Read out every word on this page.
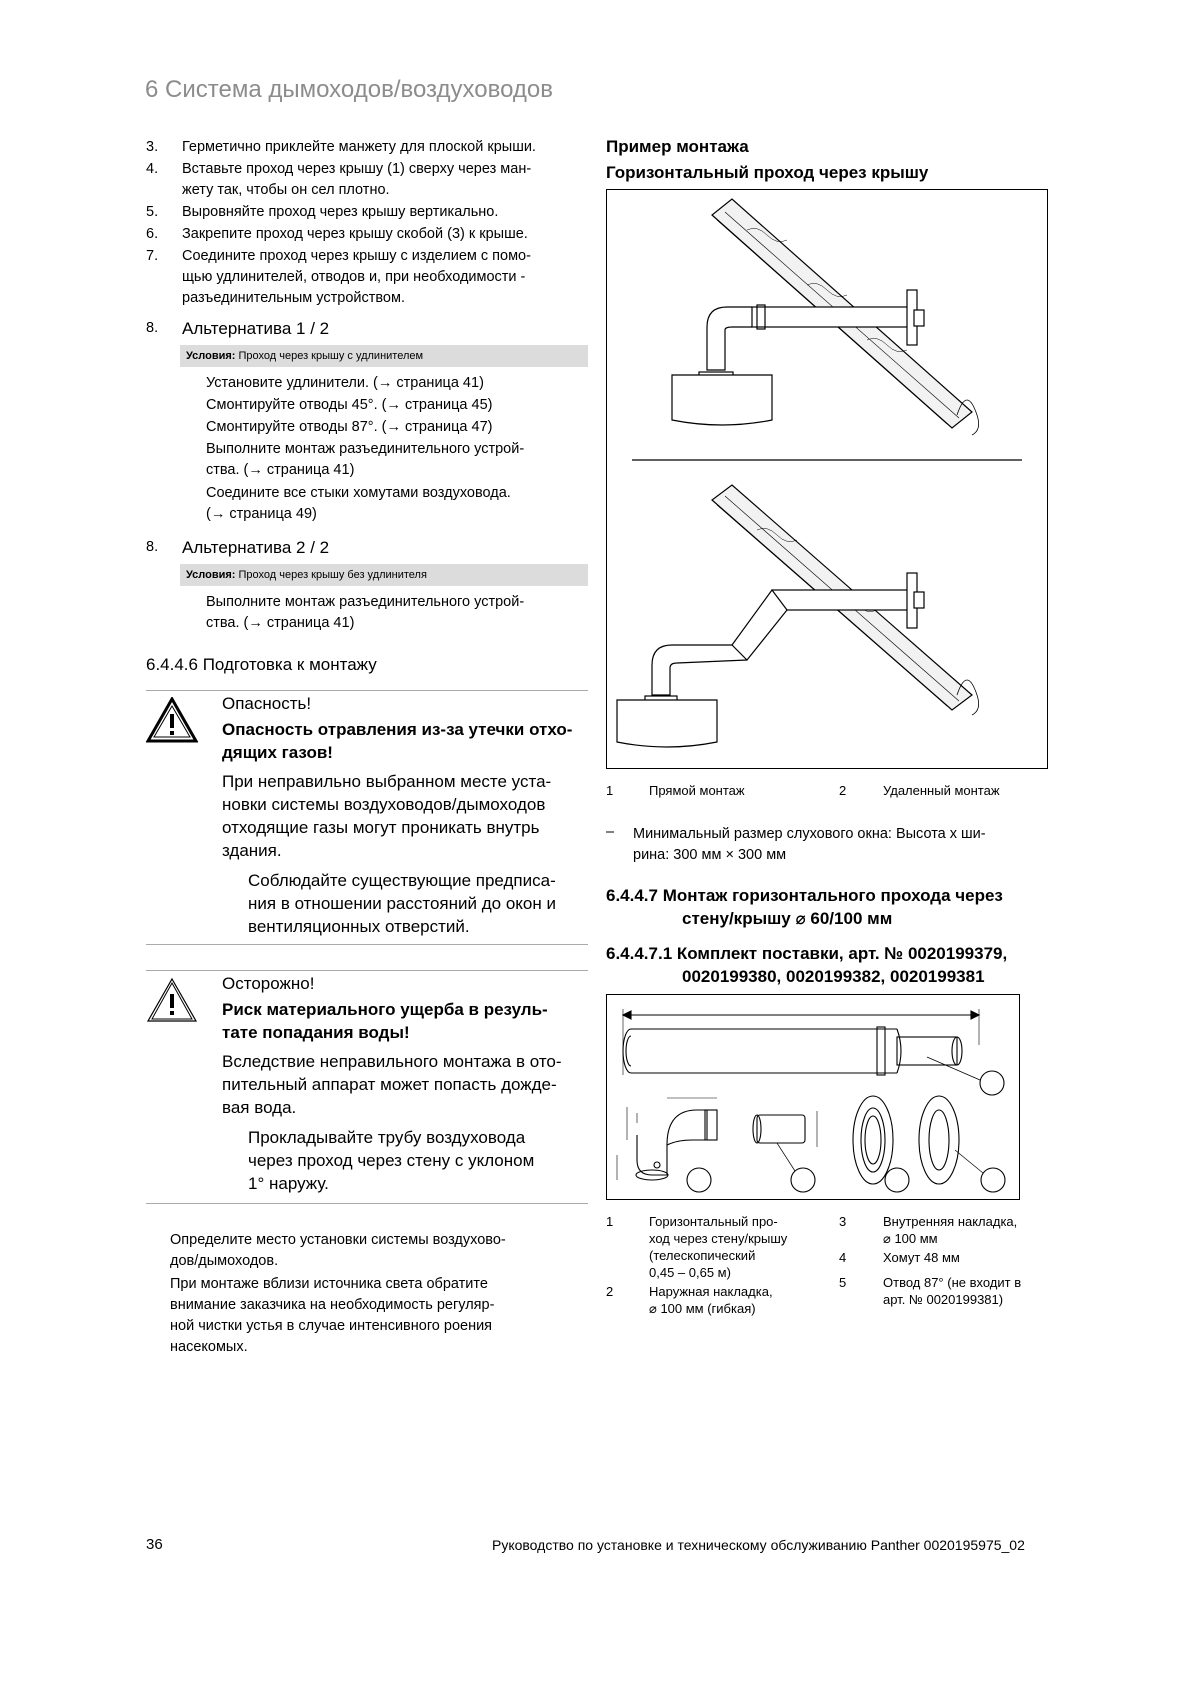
6 Система дымоходов/воздуховодов
3. Герметично приклейте манжету для плоской крыши.
4. Вставьте проход через крышу (1) сверху через ман-
жету так, чтобы он сел плотно.
5. Выровняйте проход через крышу вертикально.
6. Закрепите проход через крышу скобой (3) к крыше.
7. Соедините проход через крышу с изделием с помо-
щью удлинителей, отводов и, при необходимости -
разъединительным устройством.
8. Альтернатива 1 / 2
Условия: Проход через крышу с удлинителем
Установите удлинители. (→ страница 41)
Смонтируйте отводы 45°. (→ страница 45)
Смонтируйте отводы 87°. (→ страница 47)
Выполните монтаж разъединительного устрой-
ства. (→ страница 41)
Соедините все стыки хомутами воздуховода.
(→ страница 49)
8. Альтернатива 2 / 2
Условия: Проход через крышу без удлинителя
Выполните монтаж разъединительного устрой-
ства. (→ страница 41)
6.4.4.6 Подготовка к монтажу
Опасность!
Опасность отравления из-за утечки отхо-
дящих газов!
При неправильно выбранном месте уста-
новки системы воздуховодов/дымоходов
отходящие газы могут проникать внутрь
здания.
Соблюдайте существующие предписа-
ния в отношении расстояний до окон и
вентиляционных отверстий.
Осторожно!
Риск материального ущерба в резуль-
тате попадания воды!
Вследствие неправильного монтажа в ото-
пительный аппарат может попасть дожде-
вая вода.
Прокладывайте трубу воздуховода
через проход через стену с уклоном
1° наружу.
Определите место установки системы воздухово-
дов/дымоходов.
При монтаже вблизи источника света обратите
внимание заказчика на необходимость регуляр-
ной чистки устья в случае интенсивного роения
насекомых.
Пример монтажа
Горизонтальный проход через крышу
1	Прямой монтаж	2	Удаленный монтаж
– Минимальный размер слухового окна: Высота х ши-
рина: 300 мм × 300 мм
6.4.4.7 Монтаж горизонтального прохода через
стену/крышу ⌀ 60/100 мм
6.4.4.7.1 Комплект поставки, арт. № 0020199379,
0020199380, 0020199382, 0020199381
1	Горизонтальный про-
ход через стену/крышу
(телескопический
0,45 – 0,65 м)
2	Наружная накладка,
⌀ 100 мм (гибкая)
3	Внутренняя накладка,
⌀ 100 мм
4	Хомут 48 мм
5	Отвод 87° (не входит в
арт. № 0020199381)
36	Руководство по установке и техническому обслуживанию Panther 0020195975_02
